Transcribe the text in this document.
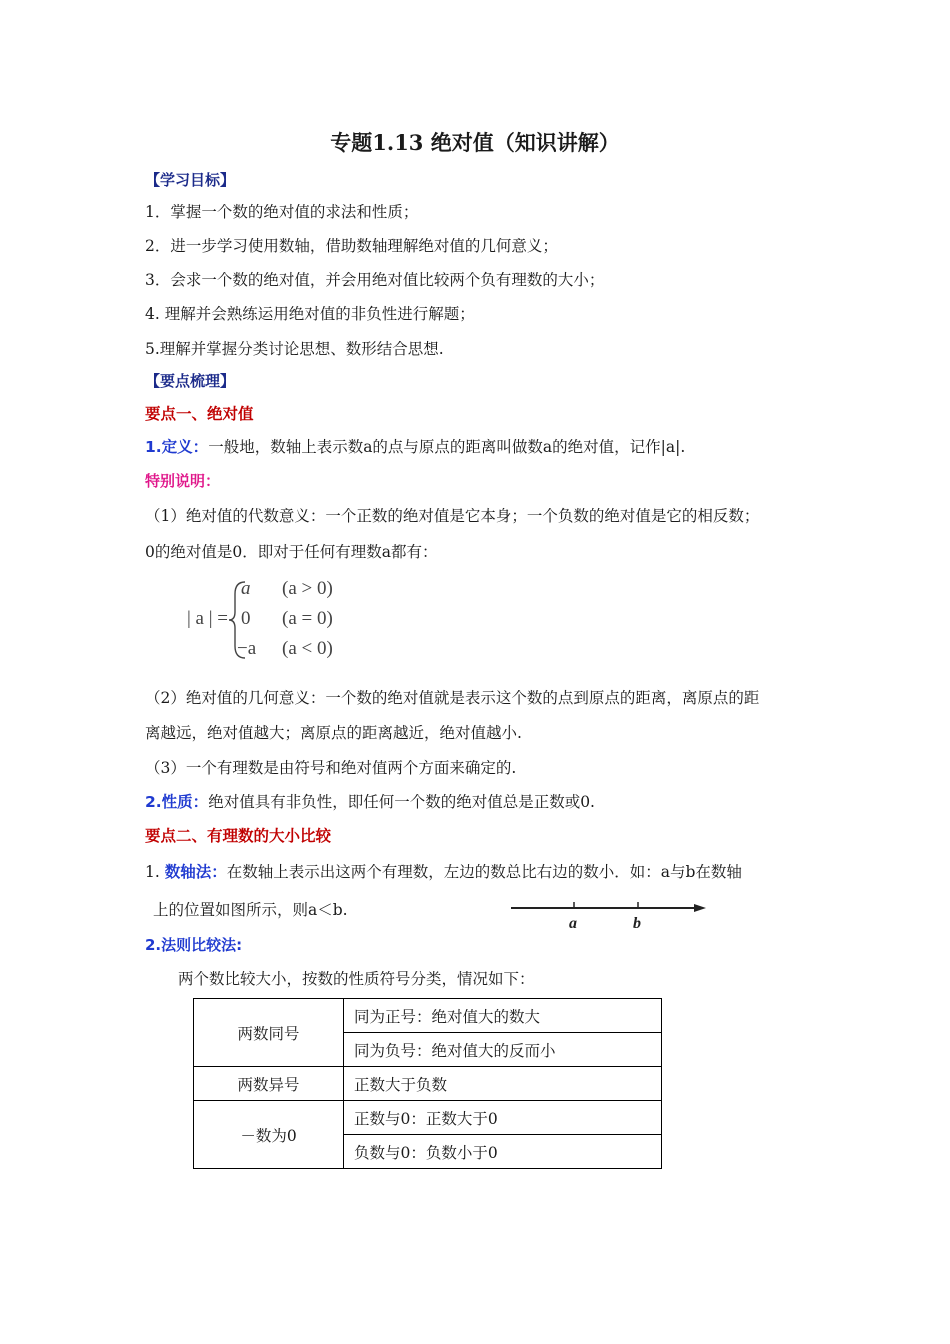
专题1.13 绝对值（知识讲解）
【学习目标】
1．掌握一个数的绝对值的求法和性质；
2．进一步学习使用数轴，借助数轴理解绝对值的几何意义；
3．会求一个数的绝对值，并会用绝对值比较两个负有理数的大小；
4. 理解并会熟练运用绝对值的非负性进行解题；
5.理解并掌握分类讨论思想、数形结合思想.
【要点梳理】
要点一、绝对值
1.定义：一般地，数轴上表示数a的点与原点的距离叫做数a的绝对值，记作|a|.
特别说明：
（1）绝对值的代数意义：一个正数的绝对值是它本身；一个负数的绝对值是它的相反数；
0的绝对值是0．即对于任何有理数a都有：
| a | =
a (a > 0)
0 (a = 0)
−a (a < 0)
（2）绝对值的几何意义：一个数的绝对值就是表示这个数的点到原点的距离，离原点的距
离越远，绝对值越大；离原点的距离越近，绝对值越小.
（3）一个有理数是由符号和绝对值两个方面来确定的.
2.性质：绝对值具有非负性，即任何一个数的绝对值总是正数或0.
要点二、有理数的大小比较
1. 数轴法：在数轴上表示出这两个有理数，左边的数总比右边的数小．如：a与b在数轴
上的位置如图所示，则a＜b.
a	b
2.法则比较法:
两个数比较大小，按数的性质符号分类，情况如下：
两数同号	同为正号：绝对值大的数大
	同为负号：绝对值大的反而小
两数异号	正数大于负数
－数为0	正数与0：正数大于0
	负数与0：负数小于0
